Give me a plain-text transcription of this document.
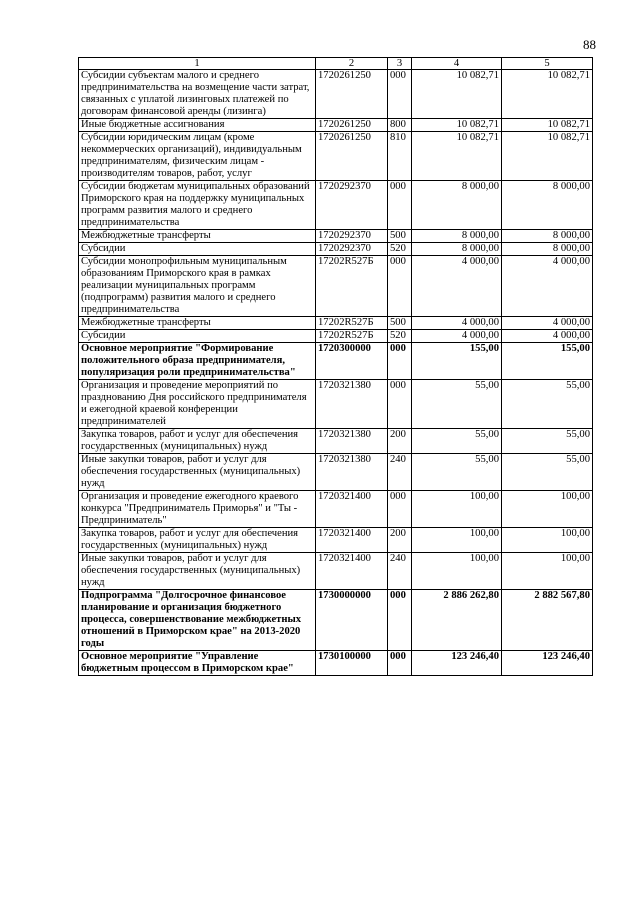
88
1	2	3	4	5
Субсидии субъектам малого и среднего предпринимательства на возмещение части затрат, связанных с уплатой лизинговых платежей по договорам финансовой аренды (лизинга)	1720261250	000	10 082,71	10 082,71
Иные бюджетные ассигнования	1720261250	800	10 082,71	10 082,71
Субсидии юридическим лицам (кроме некоммерческих организаций), индивидуальным предпринимателям, физическим лицам - производителям товаров, работ, услуг	1720261250	810	10 082,71	10 082,71
Субсидии бюджетам муниципальных образований Приморского края на поддержку муниципальных программ развития малого и среднего предпринимательства	1720292370	000	8 000,00	8 000,00
Межбюджетные трансферты	1720292370	500	8 000,00	8 000,00
Субсидии	1720292370	520	8 000,00	8 000,00
Субсидии монопрофильным муниципальным образованиям Приморского края в рамках реализации муниципальных программ (подпрограмм) развития малого и среднего предпринимательства	17202R527Б	000	4 000,00	4 000,00
Межбюджетные трансферты	17202R527Б	500	4 000,00	4 000,00
Субсидии	17202R527Б	520	4 000,00	4 000,00
Основное мероприятие "Формирование положительного образа предпринимателя, популяризация роли предпринимательства"	1720300000	000	155,00	155,00
Организация и проведение мероприятий по празднованию Дня российского предпринимателя и ежегодной краевой конференции предпринимателей	1720321380	000	55,00	55,00
Закупка товаров, работ и услуг для обеспечения государственных (муниципальных) нужд	1720321380	200	55,00	55,00
Иные закупки товаров, работ и услуг для обеспечения государственных (муниципальных) нужд	1720321380	240	55,00	55,00
Организация и проведение ежегодного краевого конкурса "Предприниматель Приморья" и "Ты - Предприниматель"	1720321400	000	100,00	100,00
Закупка товаров, работ и услуг для обеспечения государственных (муниципальных) нужд	1720321400	200	100,00	100,00
Иные закупки товаров, работ и услуг для обеспечения государственных (муниципальных) нужд	1720321400	240	100,00	100,00
Подпрограмма "Долгосрочное финансовое планирование и организация бюджетного процесса, совершенствование межбюджетных отношений в Приморском крае" на 2013-2020 годы	1730000000	000	2 886 262,80	2 882 567,80
Основное мероприятие "Управление бюджетным процессом в Приморском крае"	1730100000	000	123 246,40	123 246,40
